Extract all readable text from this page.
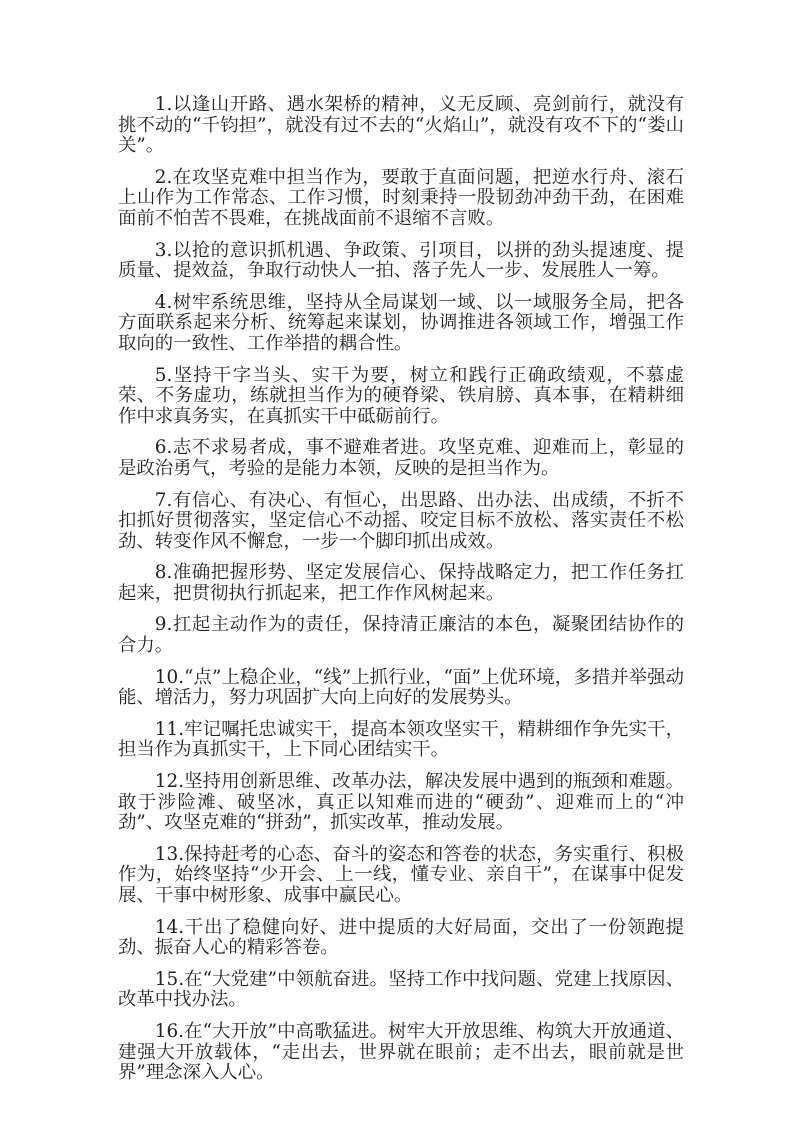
1.以逢山开路、遇水架桥的精神，义无反顾、亮剑前行，就没有挑不动的“千钧担”，就没有过不去的“火焰山”，就没有攻不下的“娄山关”。

2.在攻坚克难中担当作为，要敢于直面问题，把逆水行舟、滚石上山作为工作常态、工作习惯，时刻秉持一股韧劲冲劲干劲，在困难面前不怕苦不畏难，在挑战面前不退缩不言败。

3.以抢的意识抓机遇、争政策、引项目，以拼的劲头提速度、提质量、提效益，争取行动快人一拍、落子先人一步、发展胜人一筹。

4.树牢系统思维，坚持从全局谋划一域、以一域服务全局，把各方面联系起来分析、统筹起来谋划，协调推进各领域工作，增强工作取向的一致性、工作举措的耦合性。

5.坚持干字当头、实干为要，树立和践行正确政绩观，不慕虚荣、不务虚功，练就担当作为的硬脊梁、铁肩膀、真本事，在精耕细作中求真务实，在真抓实干中砥砺前行。

6.志不求易者成，事不避难者进。攻坚克难、迎难而上，彰显的是政治勇气，考验的是能力本领，反映的是担当作为。

7.有信心、有决心、有恒心，出思路、出办法、出成绩，不折不扣抓好贯彻落实，坚定信心不动摇、咬定目标不放松、落实责任不松劲、转变作风不懈怠，一步一个脚印抓出成效。

8.准确把握形势、坚定发展信心、保持战略定力，把工作任务扛起来，把贯彻执行抓起来，把工作作风树起来。

9.扛起主动作为的责任，保持清正廉洁的本色，凝聚团结协作的合力。

10.“点”上稳企业，“线”上抓行业，“面”上优环境，多措并举强动能、增活力，努力巩固扩大向上向好的发展势头。

11.牢记嘱托忠诚实干，提高本领攻坚实干，精耕细作争先实干，担当作为真抓实干，上下同心团结实干。

12.坚持用创新思维、改革办法，解决发展中遇到的瓶颈和难题。敢于涉险滩、破坚冰，真正以知难而进的“硬劲”、迎难而上的“冲劲”、攻坚克难的“拼劲”，抓实改革，推动发展。

13.保持赶考的心态、奋斗的姿态和答卷的状态，务实重行、积极作为，始终坚持“少开会、上一线，懂专业、亲自干”，在谋事中促发展、干事中树形象、成事中赢民心。

14.干出了稳健向好、进中提质的大好局面，交出了一份领跑提劲、振奋人心的精彩答卷。

15.在“大党建”中领航奋进。坚持工作中找问题、党建上找原因、改革中找办法。

16.在“大开放”中高歌猛进。树牢大开放思维、构筑大开放通道、建强大开放载体，“走出去，世界就在眼前；走不出去，眼前就是世界”理念深入人心。
